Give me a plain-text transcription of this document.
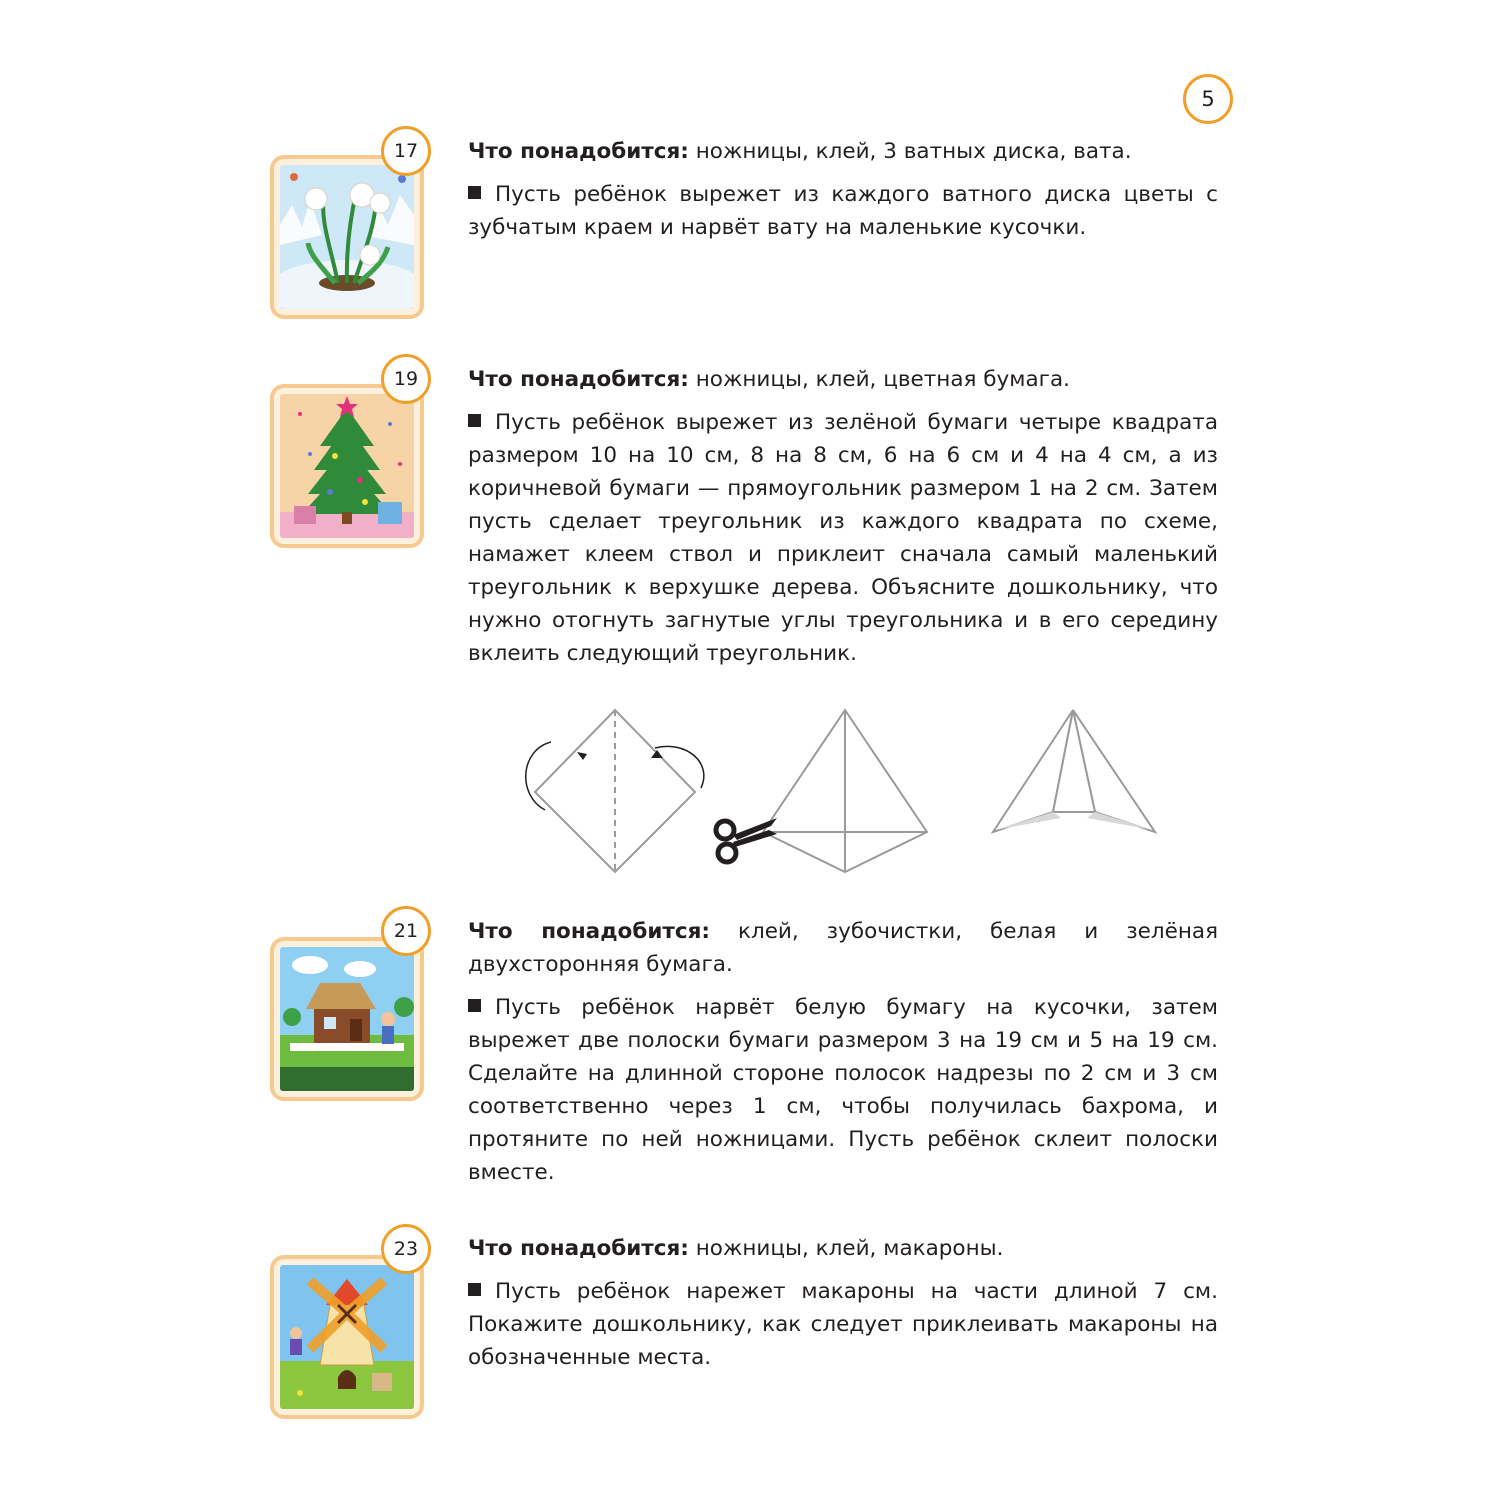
5
17	Что понадобится: ножницы, клей, 3 ватных диска, вата.

Пусть ребёнок вырежет из каждого ватного диска цветы с зубчатым краем и нарвёт вату на маленькие кусочки.

19	Что понадобится: ножницы, клей, цветная бумага.

Пусть ребёнок вырежет из зелёной бумаги четыре квадрата размером 10 на 10 см, 8 на 8 см, 6 на 6 см и 4 на 4 см, а из коричневой бумаги — прямоугольник размером 1 на 2 см. Затем пусть сделает треугольник из каждого квадрата по схеме, намажет клеем ствол и приклеит сначала самый маленький треугольник к верхушке дерева. Объясните дошкольнику, что нужно отогнуть загнутые углы треугольника и в его середину вклеить следующий треугольник.

21	Что понадобится: клей, зубочистки, белая и зелёная двухсторонняя бумага.

Пусть ребёнок нарвёт белую бумагу на кусочки, затем вырежет две полоски бумаги размером 3 на 19 см и 5 на 19 см. Сделайте на длинной стороне полосок надрезы по 2 см и 3 см соответственно через 1 см, чтобы получилась бахрома, и протяните по ней ножницами. Пусть ребёнок склеит полоски вместе.

23	Что понадобится: ножницы, клей, макароны.

Пусть ребёнок нарежет макароны на части длиной 7 см. Покажите дошкольнику, как следует приклеивать макароны на обозначенные места.
